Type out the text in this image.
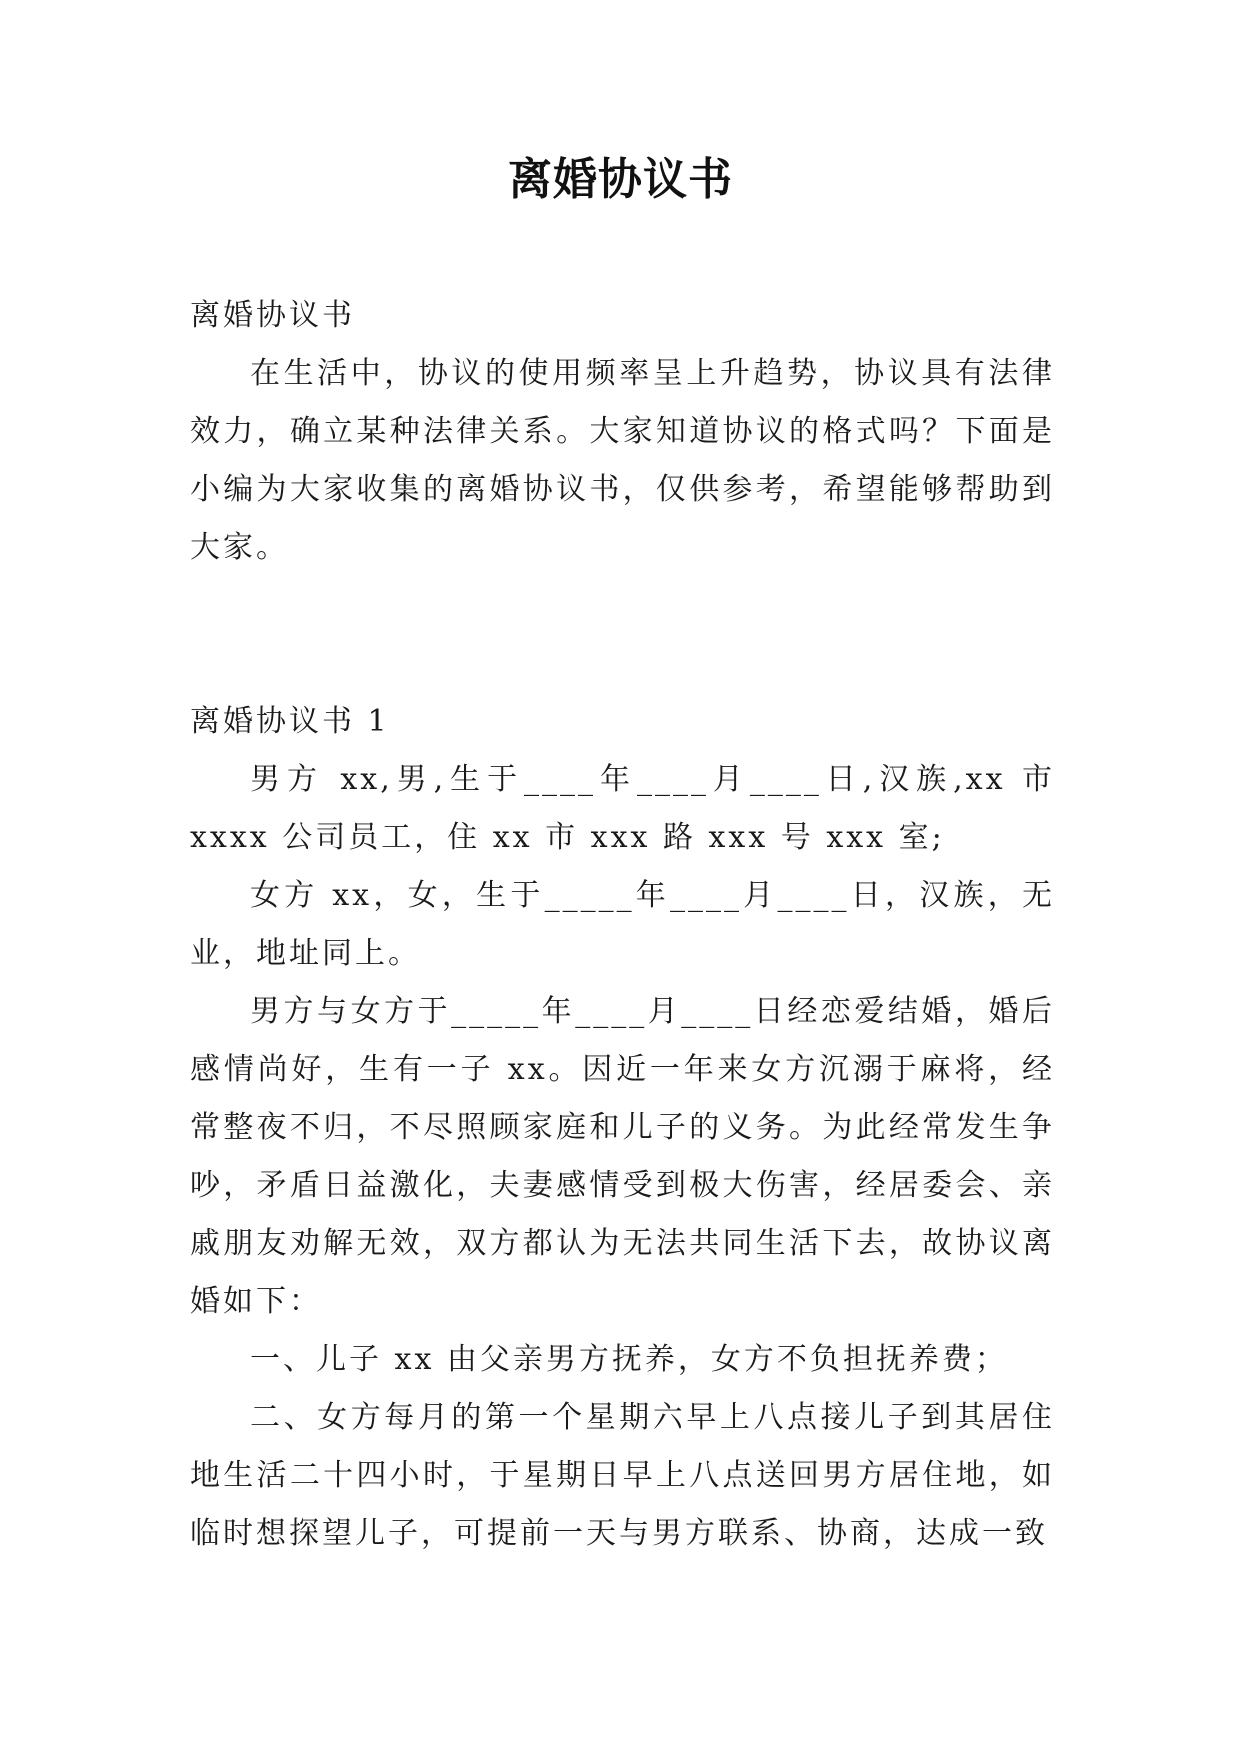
离婚协议书

离婚协议书

在生活中，协议的使用频率呈上升趋势，协议具有法律效力，确立某种法律关系。大家知道协议的格式吗？下面是小编为大家收集的离婚协议书，仅供参考，希望能够帮助到大家。

离婚协议书 1

男方 xx,男,生于____年____月____日,汉族,xx 市 xxxx 公司员工，住 xx 市 xxx 路 xxx 号 xxx 室;

女方 xx，女，生于_____年____月____日，汉族，无业，地址同上。

男方与女方于_____年____月____日经恋爱结婚，婚后感情尚好，生有一子 xx。因近一年来女方沉溺于麻将，经常整夜不归，不尽照顾家庭和儿子的义务。为此经常发生争吵，矛盾日益激化，夫妻感情受到极大伤害，经居委会、亲戚朋友劝解无效，双方都认为无法共同生活下去，故协议离婚如下：

一、儿子 xx 由父亲男方抚养，女方不负担抚养费；

二、女方每月的第一个星期六早上八点接儿子到其居住地生活二十四小时，于星期日早上八点送回男方居住地，如临时想探望儿子，可提前一天与男方联系、协商，达成一致
